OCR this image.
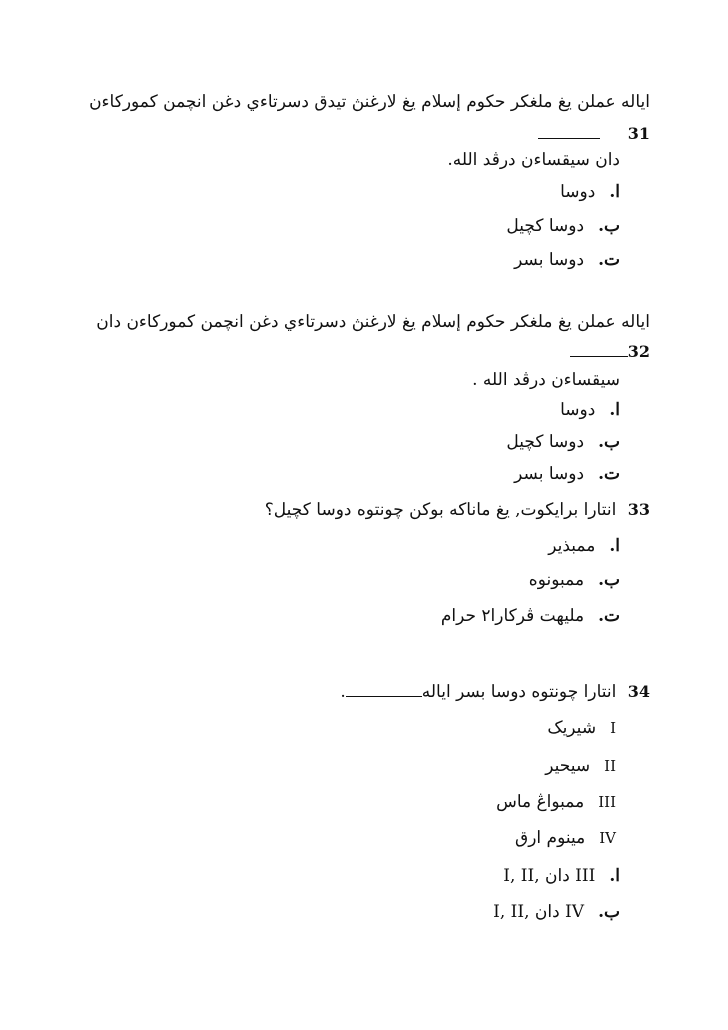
اياله عملن يغ ملغكر حكوم إسلام يغ لارغنڽ تيدق دسرتاءي دغن انچمن كموركاءن
31
دان سيقساءن درڤد الله.
ا.دوسا
ب.دوسا كچيل
ت.دوسا بسر
اياله عملن يغ ملغكر حكوم إسلام يغ لارغنڽ دسرتاءي دغن انچمن كموركاءن دان
32
سيقساءن درڤد الله .
ا.دوسا
ب.دوسا كچيل
ت.دوسا بسر
33 انتارا برايكوت, يغ ماناكه بوكن چونتوه دوسا كچيل؟
ا.ممبذير
ب.ممبونوه
ت.مليهت ڤركارا٢ حرام
34 انتارا چونتوه دوسا بسر اياله.
Iشيريک
IIسيحير
IIIممبواڠ ماس
IVمينوم ارق
ا.I, II, دان III
ب.I, II, دان IV
